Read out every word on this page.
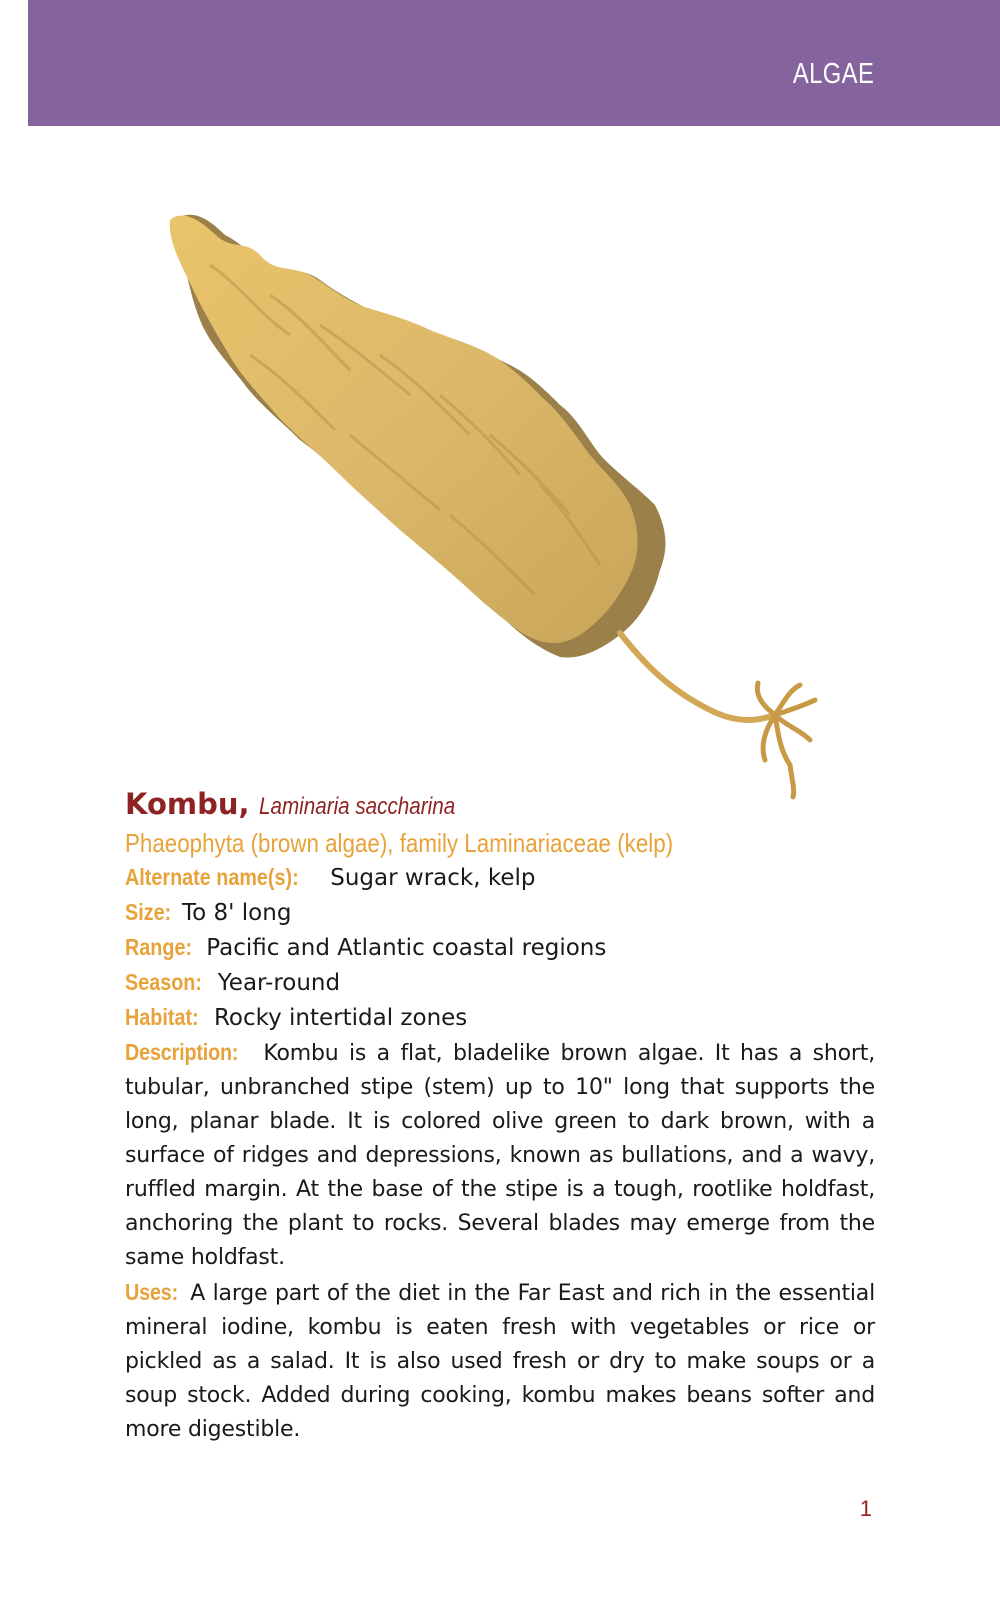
ALGAE

Kombu, Laminaria saccharina

Phaeophyta (brown algae), family Laminariaceae (kelp)

Alternate name(s): Sugar wrack, kelp

Size: To 8' long

Range: Pacific and Atlantic coastal regions

Season: Year-round

Habitat: Rocky intertidal zones

Description: Kombu is a flat, bladelike brown algae. It has a short, tubular, unbranched stipe (stem) up to 10" long that supports the long, planar blade. It is colored olive green to dark brown, with a surface of ridges and depressions, known as bullations, and a wavy, ruffled margin. At the base of the stipe is a tough, rootlike holdfast, anchoring the plant to rocks. Several blades may emerge from the same holdfast.

Uses: A large part of the diet in the Far East and rich in the essential mineral iodine, kombu is eaten fresh with vegetables or rice or pickled as a salad. It is also used fresh or dry to make soups or a soup stock. Added during cooking, kombu makes beans softer and more digestible.

1
